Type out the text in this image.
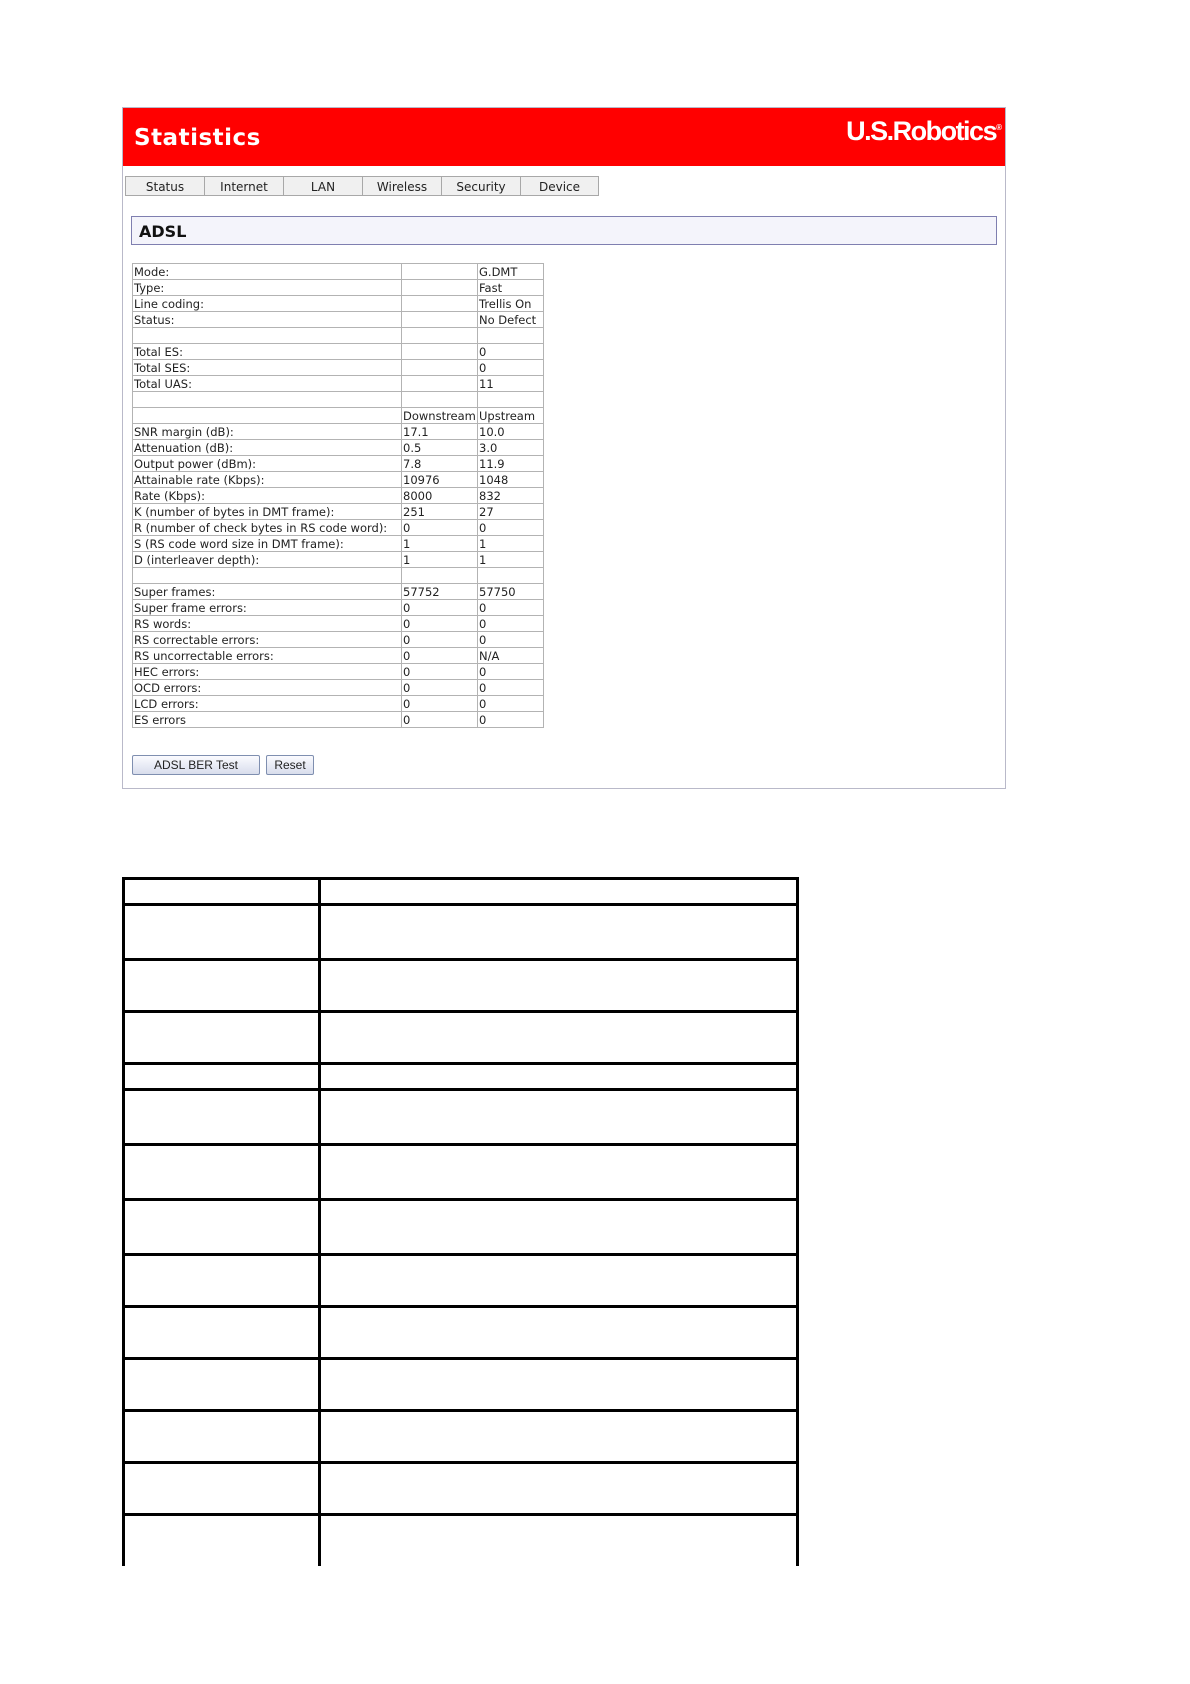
Statistics	U.S.Robotics®
Status	Internet	LAN	Wireless	Security	Device
ADSL
Mode:		G.DMT
Type:		Fast
Line coding:		Trellis On
Status:		No Defect

Total ES:		0
Total SES:		0
Total UAS:		11

	Downstream	Upstream
SNR margin (dB):	17.1	10.0
Attenuation (dB):	0.5	3.0
Output power (dBm):	7.8	11.9
Attainable rate (Kbps):	10976	1048
Rate (Kbps):	8000	832
K (number of bytes in DMT frame):	251	27
R (number of check bytes in RS code word):	0	0
S (RS code word size in DMT frame):	1	1
D (interleaver depth):	1	1

Super frames:	57752	57750
Super frame errors:	0	0
RS words:	0	0
RS correctable errors:	0	0
RS uncorrectable errors:	0	N/A
HEC errors:	0	0
OCD errors:	0	0
LCD errors:	0	0
ES errors	0	0
ADSL BER Test	Reset
